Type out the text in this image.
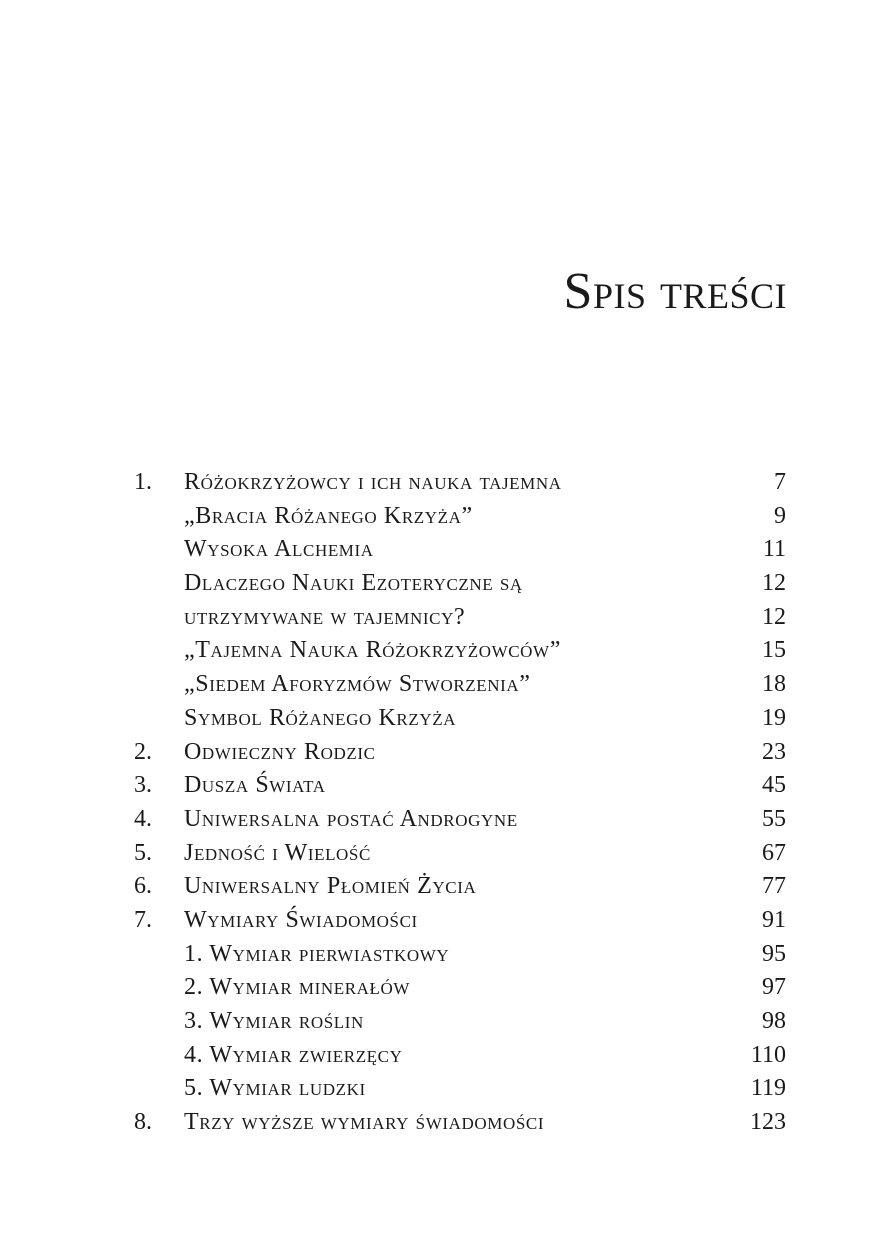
Spis treści
1. Różokrzyżowcy i ich nauka tajemna	7
„Bracia Różanego Krzyża”	9
Wysoka Alchemia	11
Dlaczego Nauki Ezoteryczne są	12
utrzymywane w tajemnicy?	12
„Tajemna Nauka Różokrzyżowców”	15
„Siedem Aforyzmów Stworzenia”	18
Symbol Różanego Krzyża	19
2. Odwieczny Rodzic	23
3. Dusza Świata	45
4. Uniwersalna postać Androgyne	55
5. Jedność i Wielość	67
6. Uniwersalny Płomień Życia	77
7. Wymiary Świadomości	91
1. Wymiar pierwiastkowy	95
2. Wymiar minerałów	97
3. Wymiar roślin	98
4. Wymiar zwierzęcy	110
5. Wymiar ludzki	119
8. Trzy wyższe wymiary świadomości	123
